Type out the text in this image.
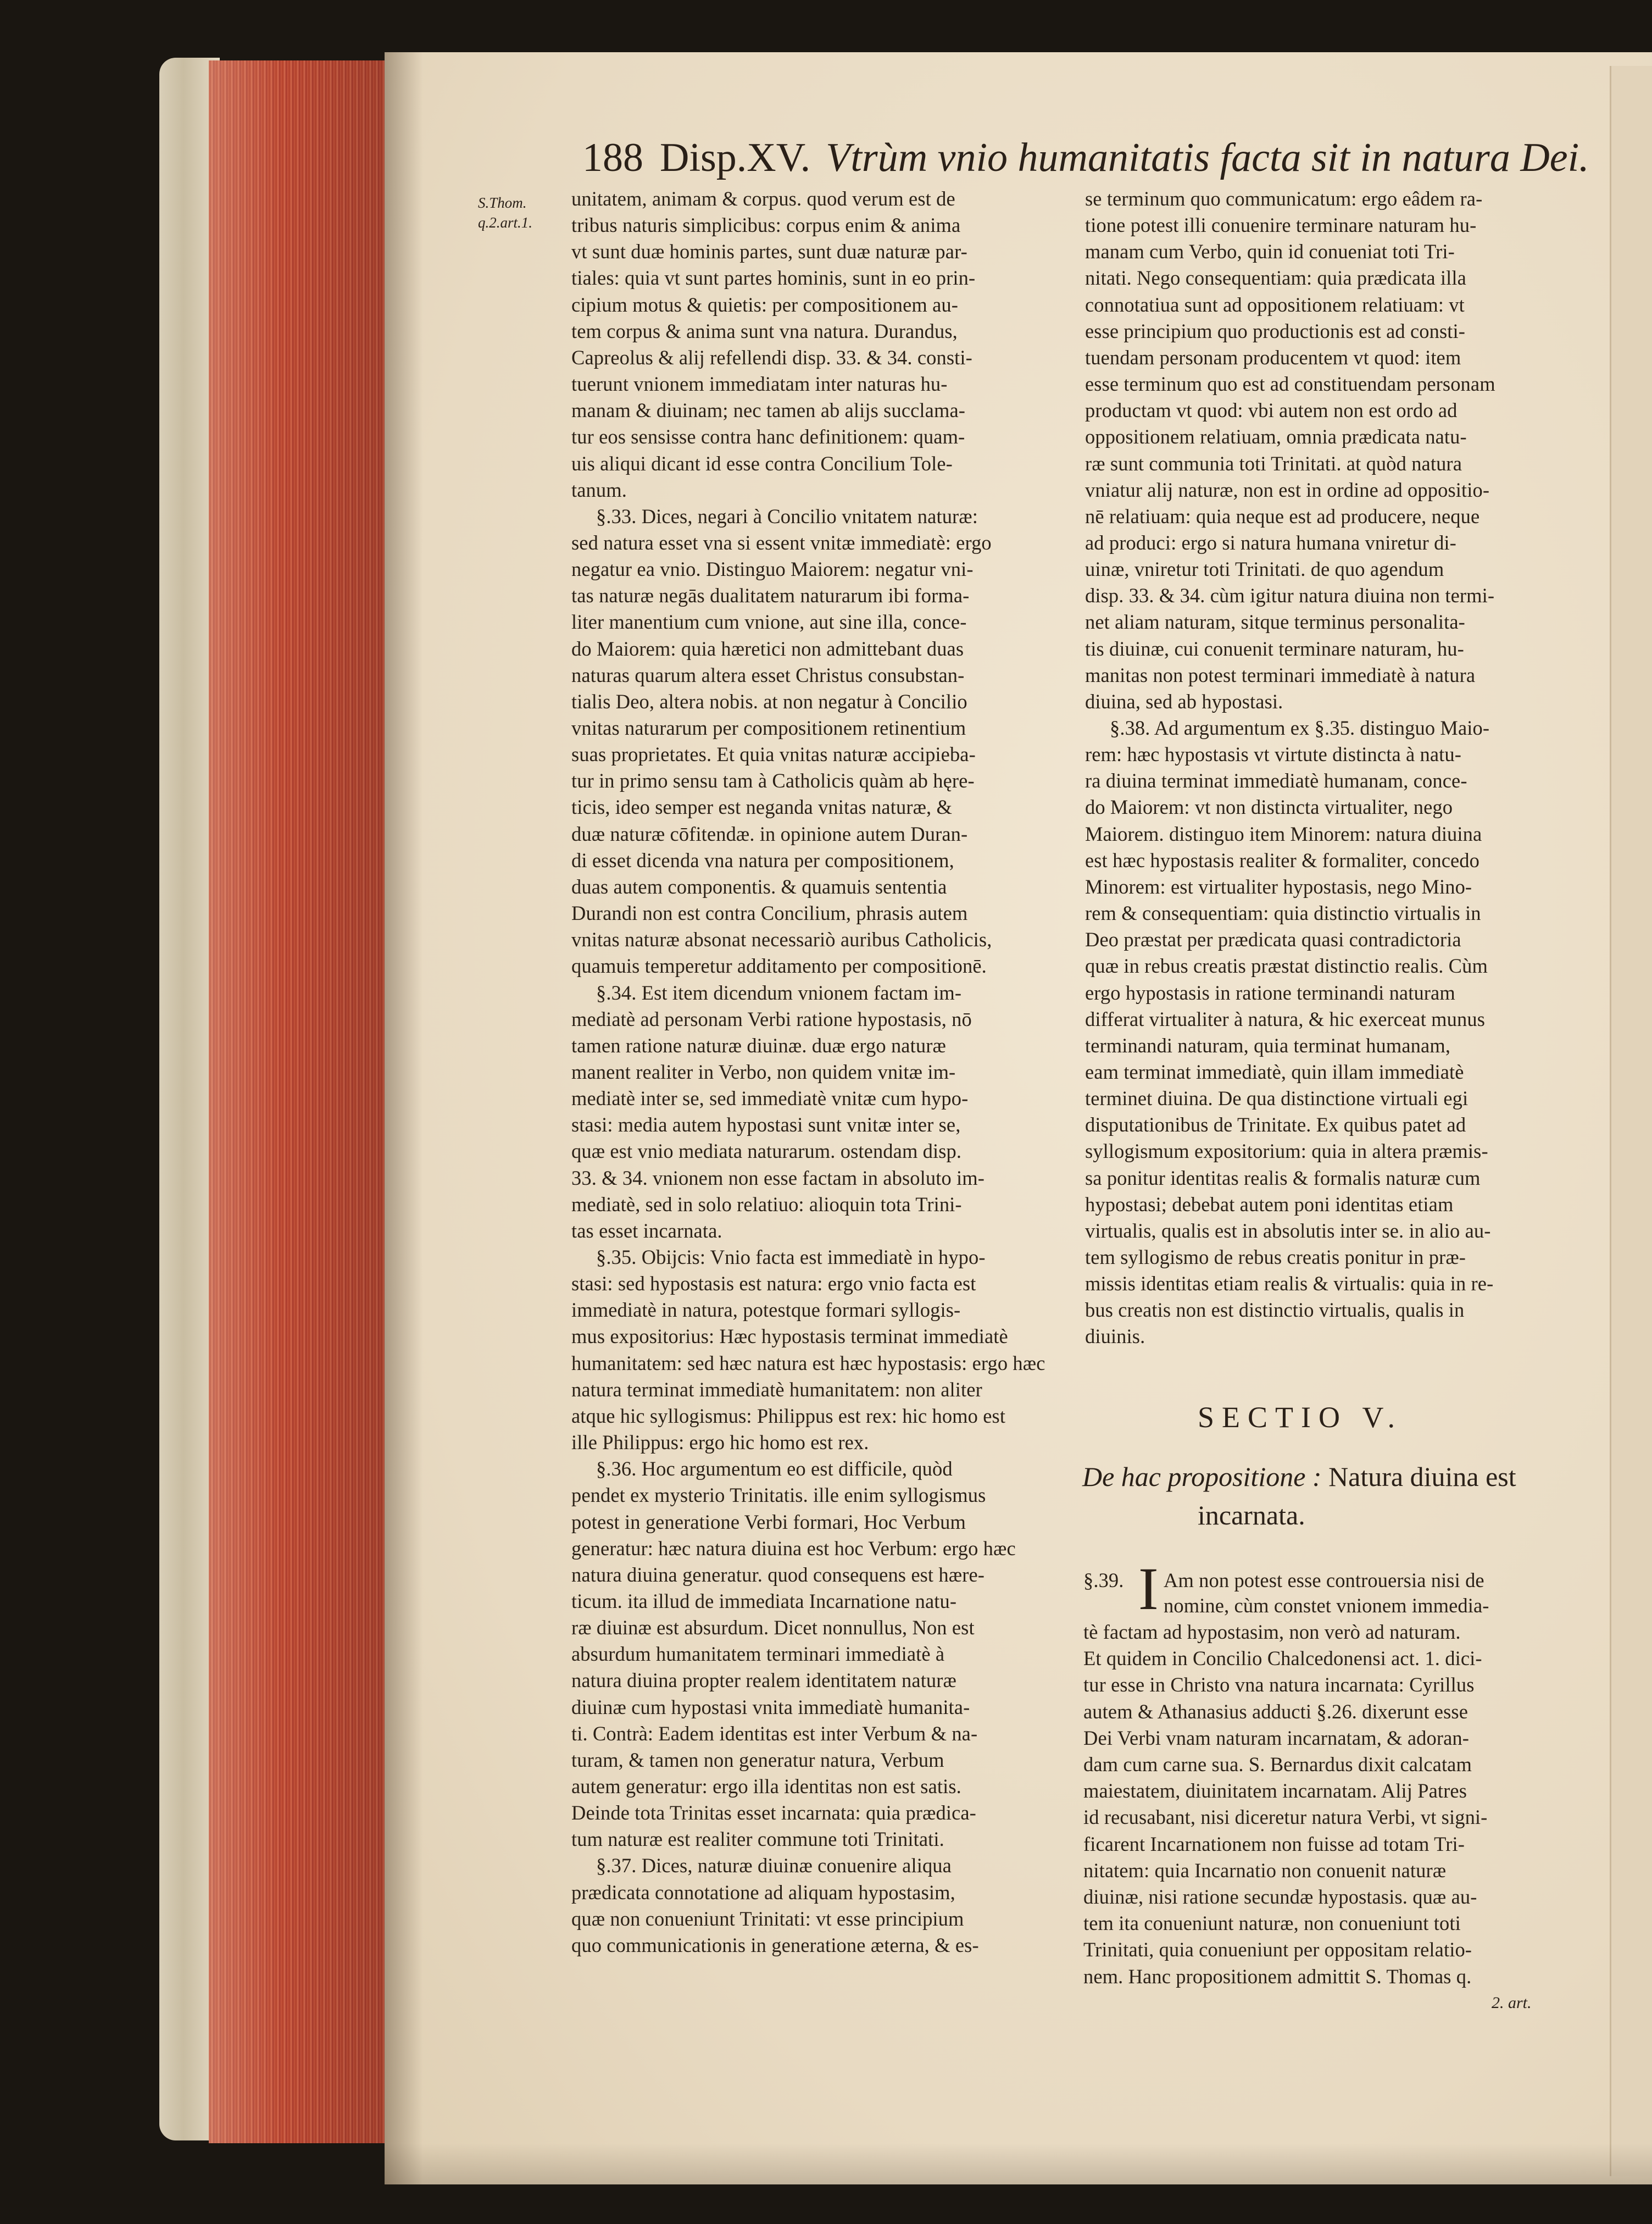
188 Disp.XV. Vtrùm vnio humanitatis facta sit in natura Dei.
S.Thom.
q.2.art.1.
unitatem, animam & corpus. quod verum est de
tribus naturis simplicibus: corpus enim & anima
vt sunt duæ hominis partes, sunt duæ naturæ par-
tiales: quia vt sunt partes hominis, sunt in eo prin-
cipium motus & quietis: per compositionem au-
tem corpus & anima sunt vna natura. Durandus,
Capreolus & alij refellendi disp. 33. & 34. consti-
tuerunt vnionem immediatam inter naturas hu-
manam & diuinam; nec tamen ab alijs succlama-
tur eos sensisse contra hanc definitionem: quam-
uis aliqui dicant id esse contra Concilium Tole-
tanum.
§.33. Dices, negari à Concilio vnitatem naturæ:
sed natura esset vna si essent vnitæ immediatè: ergo
negatur ea vnio. Distinguo Maiorem: negatur vni-
tas naturæ negās dualitatem naturarum ibi forma-
liter manentium cum vnione, aut sine illa, conce-
do Maiorem: quia hæretici non admittebant duas
naturas quarum altera esset Christus consubstan-
tialis Deo, altera nobis. at non negatur à Concilio
vnitas naturarum per compositionem retinentium
suas proprietates. Et quia vnitas naturæ accipieba-
tur in primo sensu tam à Catholicis quàm ab hęre-
ticis, ideo semper est neganda vnitas naturæ, &
duæ naturæ cōfitendæ. in opinione autem Duran-
di esset dicenda vna natura per compositionem,
duas autem componentis. & quamuis sententia
Durandi non est contra Concilium, phrasis autem
vnitas naturæ absonat necessariò auribus Catholicis,
quamuis temperetur additamento per compositionē.
§.34. Est item dicendum vnionem factam im-
mediatè ad personam Verbi ratione hypostasis, nō
tamen ratione naturæ diuinæ. duæ ergo naturæ
manent realiter in Verbo, non quidem vnitæ im-
mediatè inter se, sed immediatè vnitæ cum hypo-
stasi: media autem hypostasi sunt vnitæ inter se,
quæ est vnio mediata naturarum. ostendam disp.
33. & 34. vnionem non esse factam in absoluto im-
mediatè, sed in solo relatiuo: alioquin tota Trini-
tas esset incarnata.
§.35. Obijcis: Vnio facta est immediatè in hypo-
stasi: sed hypostasis est natura: ergo vnio facta est
immediatè in natura, potestque formari syllogis-
mus expositorius: Hæc hypostasis terminat immediatè
humanitatem: sed hæc natura est hæc hypostasis: ergo hæc
natura terminat immediatè humanitatem: non aliter
atque hic syllogismus: Philippus est rex: hic homo est
ille Philippus: ergo hic homo est rex.
§.36. Hoc argumentum eo est difficile, quòd
pendet ex mysterio Trinitatis. ille enim syllogismus
potest in generatione Verbi formari, Hoc Verbum
generatur: hæc natura diuina est hoc Verbum: ergo hæc
natura diuina generatur. quod consequens est hære-
ticum. ita illud de immediata Incarnatione natu-
ræ diuinæ est absurdum. Dicet nonnullus, Non est
absurdum humanitatem terminari immediatè à
natura diuina propter realem identitatem naturæ
diuinæ cum hypostasi vnita immediatè humanita-
ti. Contrà: Eadem identitas est inter Verbum & na-
turam, & tamen non generatur natura, Verbum
autem generatur: ergo illa identitas non est satis.
Deinde tota Trinitas esset incarnata: quia prædica-
tum naturæ est realiter commune toti Trinitati.
§.37. Dices, naturæ diuinæ conuenire aliqua
prædicata connotatione ad aliquam hypostasim,
quæ non conueniunt Trinitati: vt esse principium
quo communicationis in generatione æterna, & es-
se terminum quo communicatum: ergo eâdem ra-
tione potest illi conuenire terminare naturam hu-
manam cum Verbo, quin id conueniat toti Tri-
nitati. Nego consequentiam: quia prædicata illa
connotatiua sunt ad oppositionem relatiuam: vt
esse principium quo productionis est ad consti-
tuendam personam producentem vt quod: item
esse terminum quo est ad constituendam personam
productam vt quod: vbi autem non est ordo ad
oppositionem relatiuam, omnia prædicata natu-
ræ sunt communia toti Trinitati. at quòd natura
vniatur alij naturæ, non est in ordine ad oppositio-
nē relatiuam: quia neque est ad producere, neque
ad produci: ergo si natura humana vniretur di-
uinæ, vniretur toti Trinitati. de quo agendum
disp. 33. & 34. cùm igitur natura diuina non termi-
net aliam naturam, sitque terminus personalita-
tis diuinæ, cui conuenit terminare naturam, hu-
manitas non potest terminari immediatè à natura
diuina, sed ab hypostasi.
§.38. Ad argumentum ex §.35. distinguo Maio-
rem: hæc hypostasis vt virtute distincta à natu-
ra diuina terminat immediatè humanam, conce-
do Maiorem: vt non distincta virtualiter, nego
Maiorem. distinguo item Minorem: natura diuina
est hæc hypostasis realiter & formaliter, concedo
Minorem: est virtualiter hypostasis, nego Mino-
rem & consequentiam: quia distinctio virtualis in
Deo præstat per prædicata quasi contradictoria
quæ in rebus creatis præstat distinctio realis. Cùm
ergo hypostasis in ratione terminandi naturam
differat virtualiter à natura, & hic exerceat munus
terminandi naturam, quia terminat humanam,
eam terminat immediatè, quin illam immediatè
terminet diuina. De qua distinctione virtuali egi
disputationibus de Trinitate. Ex quibus patet ad
syllogismum expositorium: quia in altera præmis-
sa ponitur identitas realis & formalis naturæ cum
hypostasi; debebat autem poni identitas etiam
virtualis, qualis est in absolutis inter se. in alio au-
tem syllogismo de rebus creatis ponitur in præ-
missis identitas etiam realis & virtualis: quia in re-
bus creatis non est distinctio virtualis, qualis in
diuinis.
SECTIO V.
De hac propositione : Natura diuina est
incarnata.
§.39. I Am non potest esse controuersia nisi de
nomine, cùm constet vnionem immedia-
tè factam ad hypostasim, non verò ad naturam.
Et quidem in Concilio Chalcedonensi act. 1. dici-
tur esse in Christo vna natura incarnata: Cyrillus
autem & Athanasius adducti §.26. dixerunt esse
Dei Verbi vnam naturam incarnatam, & adoran-
dam cum carne sua. S. Bernardus dixit calcatam
maiestatem, diuinitatem incarnatam. Alij Patres
id recusabant, nisi diceretur natura Verbi, vt signi-
ficarent Incarnationem non fuisse ad totam Tri-
nitatem: quia Incarnatio non conuenit naturæ
diuinæ, nisi ratione secundæ hypostasis. quæ au-
tem ita conueniunt naturæ, non conueniunt toti
Trinitati, quia conueniunt per oppositam relatio-
nem. Hanc propositionem admittit S. Thomas q.
2. art.
